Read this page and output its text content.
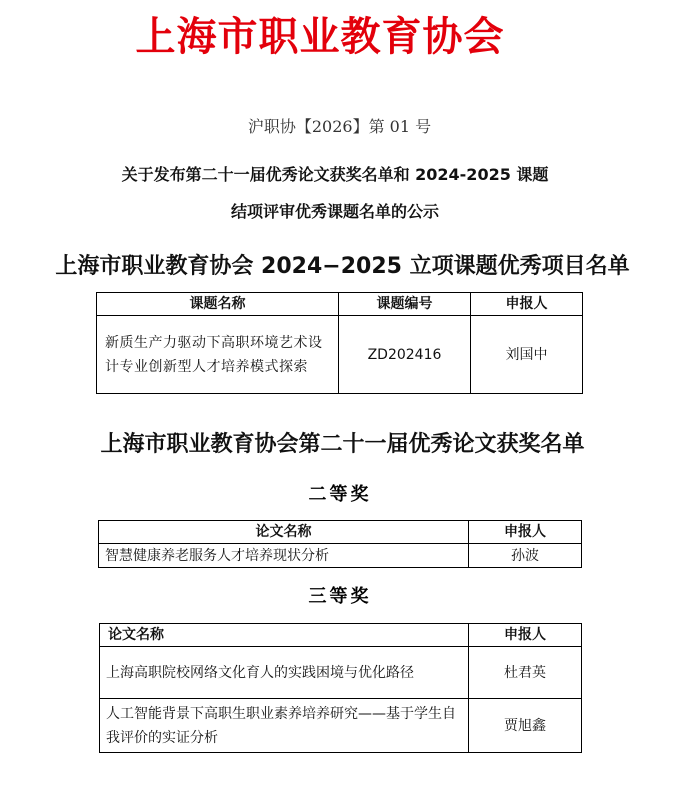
上海市职业教育协会
沪职协【2026】第 01 号
关于发布第二十一届优秀论文获奖名单和 2024-2025 课题
结项评审优秀课题名单的公示
上海市职业教育协会 2024−2025 立项课题优秀项目名单
课题名称	课题编号	申报人
新质生产力驱动下高职环境艺术设计专业创新型人才培养模式探索	ZD202416	刘国中
上海市职业教育协会第二十一届优秀论文获奖名单
二等奖
论文名称	申报人
智慧健康养老服务人才培养现状分析	孙波
三等奖
论文名称	申报人
上海高职院校网络文化育人的实践困境与优化路径	杜君英
人工智能背景下高职生职业素养培养研究——基于学生自我评价的实证分析	贾旭鑫
